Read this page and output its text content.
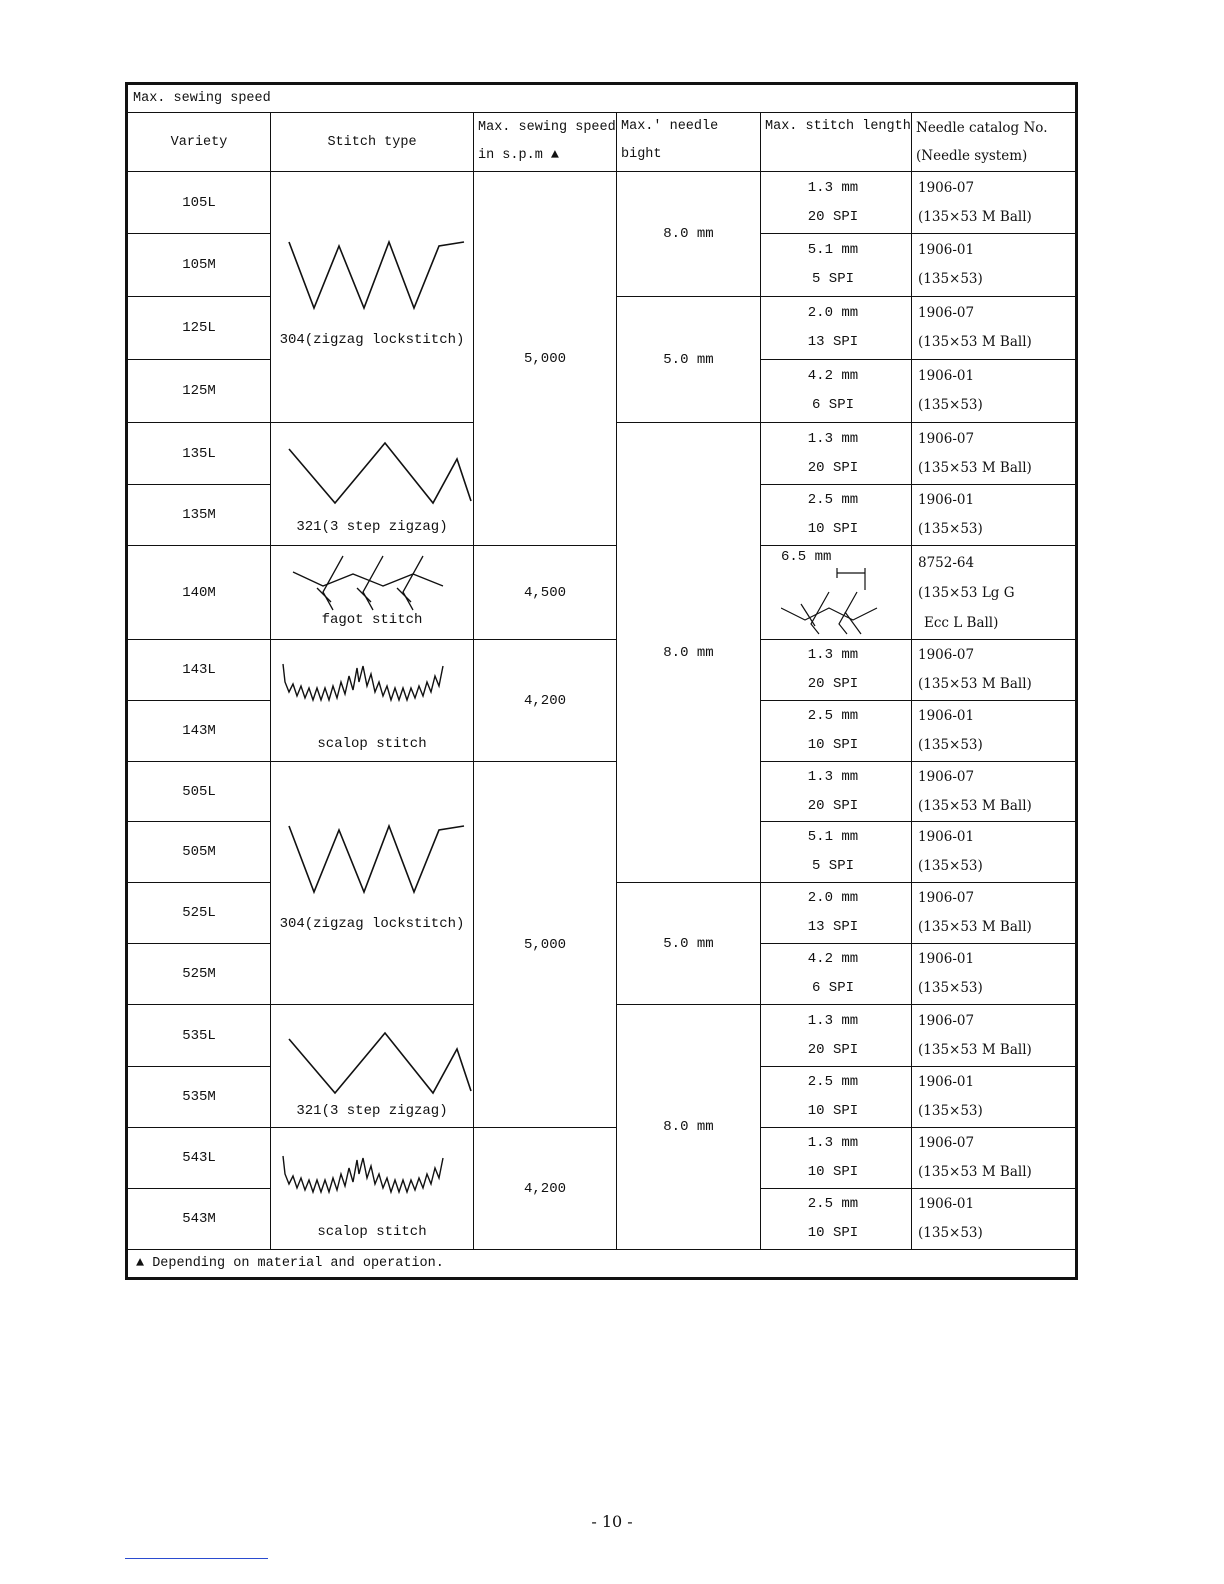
Max. sewing speed					
Variety	Stitch type	Max. sewing speed
in s.p.m ▲	Max.' needle bight	Max. stitch length	Needle catalog No.
(Needle system)

105L	304(zigzag lockstitch)	5,000	8.0 mm	1.3 mm
20 SPI	1906-07
(135×53 M Ball)

105M				5.1 mm
5 SPI	1906-01
(135×53)

125L			5.0 mm	2.0 mm
13 SPI	1906-07
(135×53 M Ball)

125M				4.2 mm
6 SPI	1906-01
(135×53)

135L	321(3 step zigzag)		8.0 mm	1.3 mm
20 SPI	1906-07
(135×53 M Ball)

135M				2.5 mm
10 SPI	1906-01
(135×53)

140M	fagot stitch	4,500		6.5 mm	8752-64
(135×53 Lg G
Ecc L Ball)

143L	scalop stitch	4,200		1.3 mm
20 SPI	1906-07
(135×53 M Ball)

143M				2.5 mm
10 SPI	1906-01
(135×53)

505L	304(zigzag lockstitch)	5,000		1.3 mm
20 SPI	1906-07
(135×53 M Ball)

505M				5.1 mm
5 SPI	1906-01
(135×53)

525L			5.0 mm	2.0 mm
13 SPI	1906-07
(135×53 M Ball)

525M				4.2 mm
6 SPI	1906-01
(135×53)

535L	321(3 step zigzag)		8.0 mm	1.3 mm
20 SPI	1906-07
(135×53 M Ball)

535M				2.5 mm
10 SPI	1906-01
(135×53)

543L	scalop stitch	4,200		1.3 mm
10 SPI	1906-07
(135×53 M Ball)

543M				2.5 mm
10 SPI	1906-01
(135×53)

▲ Depending on material and operation.					
- 10 -
